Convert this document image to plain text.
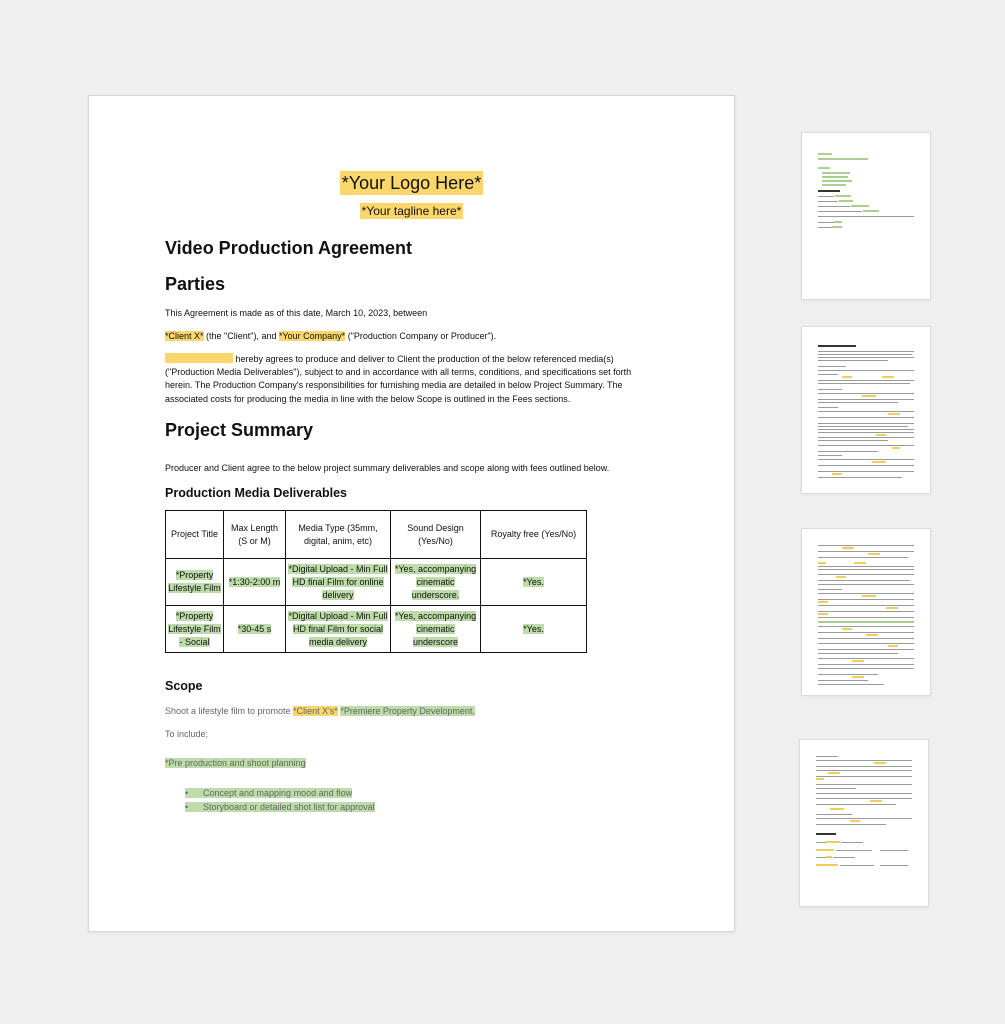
*Your Logo Here*
*Your tagline here*
Video Production Agreement
Parties
This Agreement is made as of this date, March 10, 2023, between
*Client X* (the "Client"), and *Your Company* ("Production Company or Producer").
hereby agrees to produce and deliver to Client the production of the below referenced media(s) ("Production Media Deliverables"), subject to and in accordance with all terms, conditions, and specifications set forth herein. The Production Company's responsibilities for furnishing media are detailed in below Project Summary. The associated costs for producing the media in line with the below Scope is outlined in the Fees sections.
Project Summary
Producer and Client agree to the below project summary deliverables and scope along with fees outlined below.
Production Media Deliverables
Project Title	Max Length (S or M)	Media Type (35mm, digital, anim, etc)	Sound Design (Yes/No)	Royalty free (Yes/No)
*Property Lifestyle Film	*1:30-2:00 m	*Digital Upload - Min Full HD final Film for online delivery	*Yes, accompanying cinematic underscore.	*Yes.
*Property Lifestyle Film - Social	*30-45 s	*Digital Upload - Min Full HD final Film for social media delivery	*Yes, accompanying cinematic underscore	*Yes.
Scope
Shoot a lifestyle film to promote *Client X's* *Premiere Property Development.
To include;
*Pre production and shoot planning
• Concept and mapping mood and flow
• Storyboard or detailed shot list for approval
